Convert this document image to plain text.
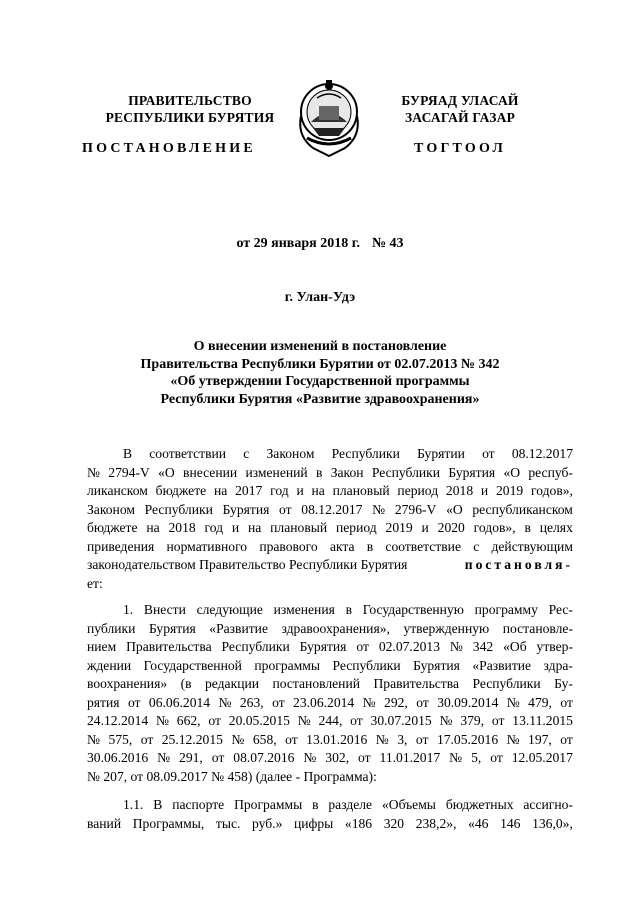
ПРАВИТЕЛЬСТВО
РЕСПУБЛИКИ БУРЯТИЯ
БУРЯАД УЛАСАЙ
ЗАСАГАЙ ГАЗАР
ПОСТАНОВЛЕНИЕ	ТОГТООЛ
от 29 января 2018 г. № 43
г. Улан-Удэ
О внесении изменений в постановление
Правительства Республики Бурятии от 02.07.2013 № 342
«Об утверждении Государственной программы
Республики Бурятия «Развитие здравоохранения»
В соответствии с Законом Республики Бурятии от 08.12.2017
№ 2794-V «О внесении изменений в Закон Республики Бурятия «О респуб-
ликанском бюджете на 2017 год и на плановый период 2018 и 2019 годов»,
Законом Республики Бурятия от 08.12.2017 № 2796-V «О республиканском
бюджете на 2018 год и на плановый период 2019 и 2020 годов», в целях
приведения нормативного правового акта в соответствие с действующим
законодательством Правительство Республики Бурятия	постановля-
ет:
1. Внести следующие изменения в Государственную программу Рес-
публики Бурятия «Развитие здравоохранения», утвержденную постановле-
нием Правительства Республики Бурятия от 02.07.2013 № 342 «Об утвер-
ждении Государственной программы Республики Бурятия «Развитие здра-
воохранения» (в редакции постановлений Правительства Республики Бу-
рятия от 06.06.2014 № 263, от 23.06.2014 № 292, от 30.09.2014 № 479, от
24.12.2014 № 662, от 20.05.2015 № 244, от 30.07.2015 № 379, от 13.11.2015
№ 575, от 25.12.2015 № 658, от 13.01.2016 № 3, от 17.05.2016 № 197, от
30.06.2016 № 291, от 08.07.2016 № 302, от 11.01.2017 № 5, от 12.05.2017
№ 207, от 08.09.2017 № 458) (далее - Программа):
1.1. В паспорте Программы в разделе «Объемы бюджетных ассигно-
ваний Программы, тыс. руб.» цифры «186 320 238,2», «46 146 136,0»,
